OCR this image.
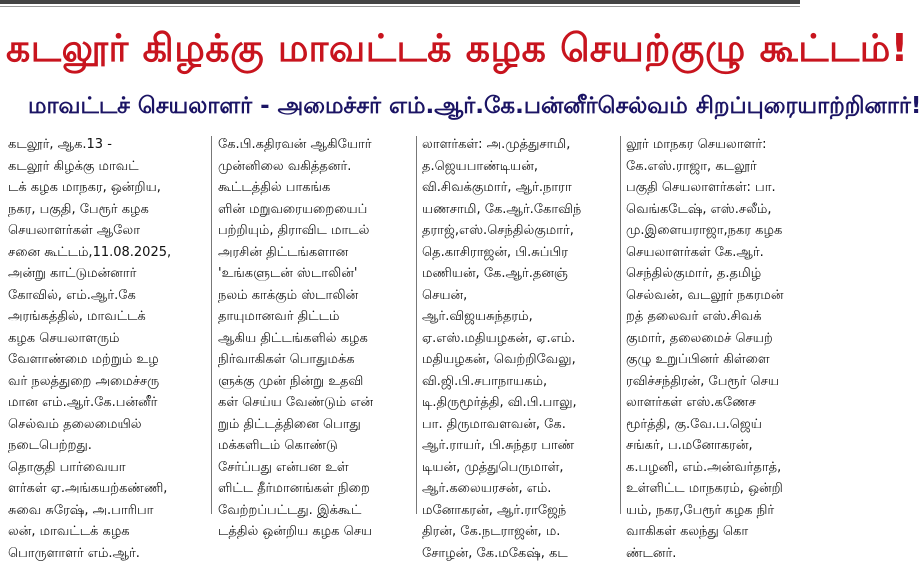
கடலூர் கிழக்கு மாவட்டக் கழக செயற்குழு கூட்டம்!
மாவட்டச் செயலாளர் - அமைச்சர் எம்.ஆர்.கே.பன்னீர்செல்வம் சிறப்புரையாற்றினார்!

கடலூர், ஆக.13 -

கடலூர் கிழக்கு மாவட்

டக் கழக மாநகர, ஒன்றிய,

நகர, பகுதி, பேரூர் கழக

செயலாளர்கள் ஆலோ

சனை கூட்டம்,11.08.2025,

அன்று காட்டுமன்னார்

கோவில், எம்.ஆர்.கே

அரங்கத்தில், மாவட்டக்

கழக செயலாளரும்

வேளாண்மை மற்றும் உழ

வர் நலத்துறை அமைச்சரு

மான எம்.ஆர்.கே.பன்னீர்

செல்வம் தலைமையில்

நடைபெற்றது.

தொகுதி பார்வையா

ளர்கள் ஏ.அங்கயற்கண்ணி,

சுவை சுரேஷ், அ.பாரிபா

லன், மாவட்டக் கழக

பொருளாளர் எம்.ஆர்.

கே.பி.கதிரவன் ஆகியோர்

முன்னிலை வகித்தனர்.

கூட்டத்தில் பாகங்க

ளின் மறுவரையறையைப்

பற்றியும், திராவிட மாடல்

அரசின் திட்டங்களான

'உங்களுடன் ஸ்டாலின்'

நலம் காக்கும் ஸ்டாலின்

தாயுமானவர் திட்டம்

ஆகிய திட்டங்களில் கழக

நிர்வாகிகள் பொதுமக்க

ளுக்கு முன் நின்று உதவி

கள் செய்ய வேண்டும் என்

றும் திட்டத்தினை பொது

மக்களிடம் கொண்டு

சேர்ப்பது என்பன உள்

ளிட்ட தீர்மானங்கள் நிறை

வேற்றப்பட்டது. இக்கூட்

டத்தில் ஒன்றிய கழக செய

லாளர்கள்: அ.முத்துசாமி,

த.ஜெயபாண்டியன்,

வி.சிவக்குமார், ஆர்.நாரா

யணசாமி, கே.ஆர்.கோவிந்

தராஜ்,எஸ்.செந்தில்குமார்,

தெ.காசிராஜன், பி.சுப்பிர

மணியன், கே.ஆர்.தனஞ்

செயன்,

ஆர்.விஜயசுந்தரம்,

ஏ.எஸ்.மதியழகன், ஏ.எம்.

மதியழகன், வெற்றிவேலு,

வி.ஜி.பி.சபாநாயகம்,

டி.திருமூர்த்தி, வி.பி.பாலு,

பா. திருமாவளவன், கே.

ஆர்.ராயர், பி.சுந்தர பாண்

டியன், முத்துபெருமாள்,

ஆர்.கலையரசன், எம்.

மனோகரன், ஆர்.ராஜேந்

திரன், கே.நடராஜன், ம.

சோழன், கே.மகேஷ், கட

லூர் மாநகர செயலாளர்:

கே.எஸ்.ராஜா, கடலூர்

பகுதி செயலாளர்கள்: பா.

வெங்கடேஷ், எஸ்.சலீம்,

மு.இளையராஜா,நகர கழக

செயலாளர்கள் கே.ஆர்.

செந்தில்குமார், த.தமிழ்

செல்வன், வடலூர் நகரமன்

றத் தலைவர் எஸ்.சிவக்

குமார், தலைமைச் செயற்

குழு உறுப்பினர் கிள்ளை

ரவிச்சந்திரன், பேரூர் செய

லாளர்கள் எஸ்.கணேச

மூர்த்தி, கு.வே.ப.ஜெய்

சங்கர், ப.மனோகரன்,

க.பழனி, எம்.அன்வர்தாத்,

உள்ளிட்ட மாநகரம், ஒன்றி

யம், நகர,பேரூர் கழக நிர்

வாகிகள் கலந்து கொ

ண்டனர்.
